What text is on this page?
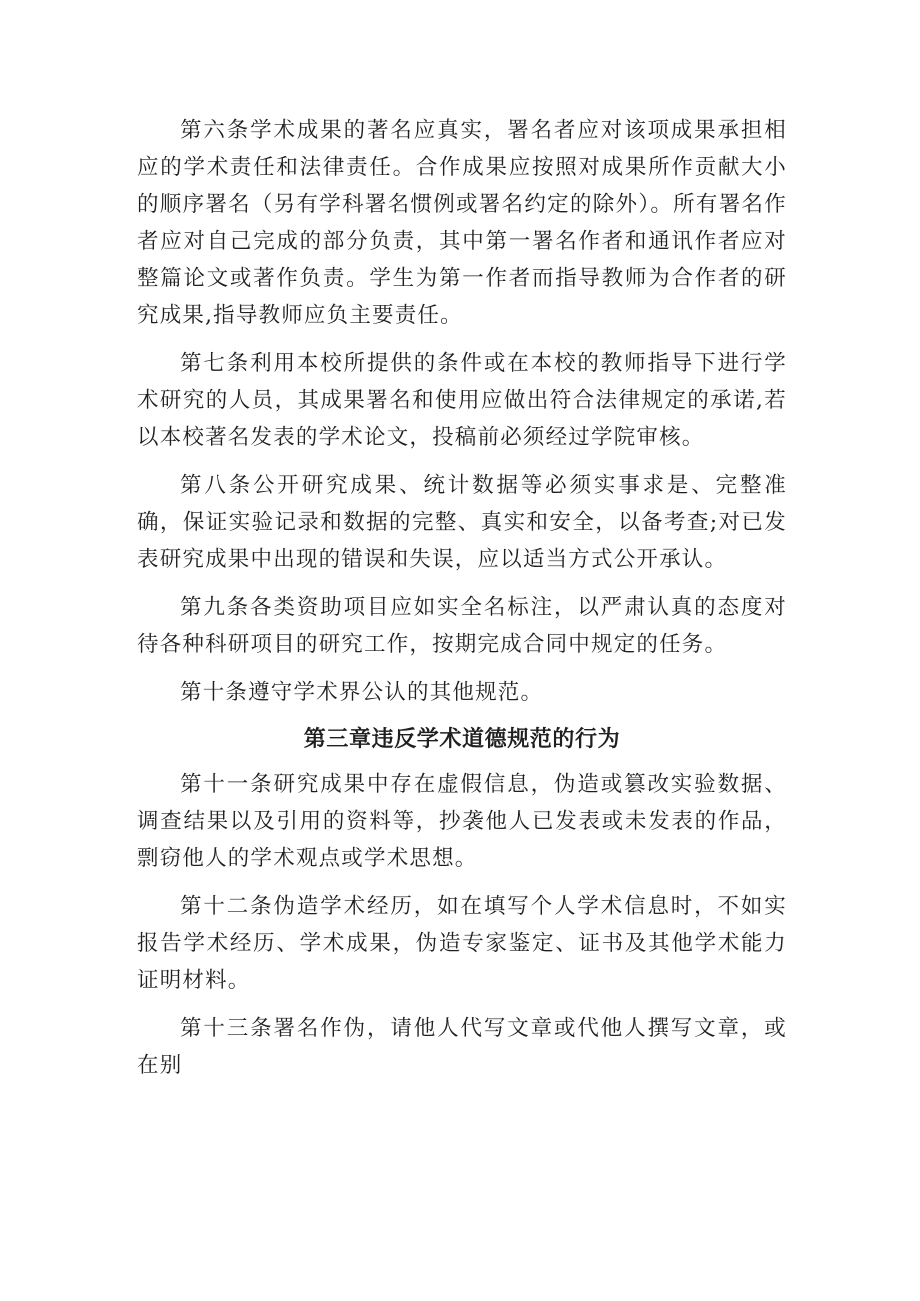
第六条学术成果的著名应真实，署名者应对该项成果承担相应的学术责任和法律责任。合作成果应按照对成果所作贡献大小的顺序署名（另有学科署名惯例或署名约定的除外）。所有署名作者应对自己完成的部分负责，其中第一署名作者和通讯作者应对整篇论文或著作负责。学生为第一作者而指导教师为合作者的研究成果,指导教师应负主要责任。

第七条利用本校所提供的条件或在本校的教师指导下进行学术研究的人员，其成果署名和使用应做出符合法律规定的承诺,若以本校著名发表的学术论文，投稿前必须经过学院审核。

第八条公开研究成果、统计数据等必须实事求是、完整准确，保证实验记录和数据的完整、真实和安全，以备考查;对已发表研究成果中出现的错误和失误，应以适当方式公开承认。

第九条各类资助项目应如实全名标注，以严肃认真的态度对待各种科研项目的研究工作，按期完成合同中规定的任务。

第十条遵守学术界公认的其他规范。

第三章违反学术道德规范的行为

第十一条研究成果中存在虚假信息，伪造或篡改实验数据、调查结果以及引用的资料等，抄袭他人已发表或未发表的作品，剽窃他人的学术观点或学术思想。

第十二条伪造学术经历，如在填写个人学术信息时，不如实报告学术经历、学术成果，伪造专家鉴定、证书及其他学术能力证明材料。

第十三条署名作伪，请他人代写文章或代他人撰写文章，或在别
